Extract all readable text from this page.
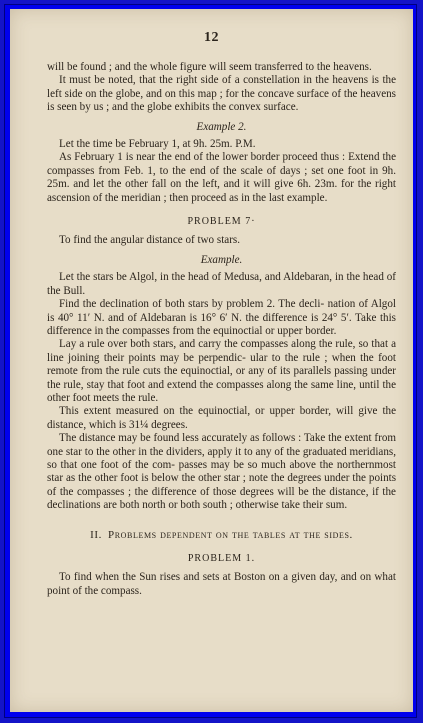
12

will be found ; and the whole figure will seem transferred to the heavens.

It must be noted, that the right side of a constellation in the heavens is the left side on the globe, and on this map ; for the concave surface of the heavens is seen by us ; and the globe exhibits the convex surface.

Example 2.

Let the time be February 1, at 9h. 25m. P.M.

As February 1 is near the end of the lower border proceed thus : Extend the compasses from Feb. 1, to the end of the scale of days ; set one foot in 9h. 25m. and let the other fall on the left, and it will give 6h. 23m. for the right ascension of the meridian ; then proceed as in the last example.

PROBLEM 7·

To find the angular distance of two stars.

Example.

Let the stars be Algol, in the head of Medusa, and Aldebaran, in the head of the Bull.

Find the declination of both stars by problem 2. The decli- nation of Algol is 40° 11′ N. and of Aldebaran is 16° 6′ N. the difference is 24° 5′. Take this difference in the compasses from the equinoctial or upper border.

Lay a rule over both stars, and carry the compasses along the rule, so that a line joining their points may be perpendic- ular to the rule ; when the foot remote from the rule cuts the equinoctial, or any of its parallels passing under the rule, stay that foot and extend the compasses along the same line, until the other foot meets the rule.

This extent measured on the equinoctial, or upper border, will give the distance, which is 31¼ degrees.

The distance may be found less accurately as follows : Take the extent from one star to the other in the dividers, apply it to any of the graduated meridians, so that one foot of the com- passes may be so much above the northernmost star as the other foot is below the other star ; note the degrees under the points of the compasses ; the difference of those degrees will be the distance, if the declinations are both north or both south ; otherwise take their sum.

II. Problems dependent on the tables at the sides.
PROBLEM 1.

To find when the Sun rises and sets at Boston on a given day, and on what point of the compass.
